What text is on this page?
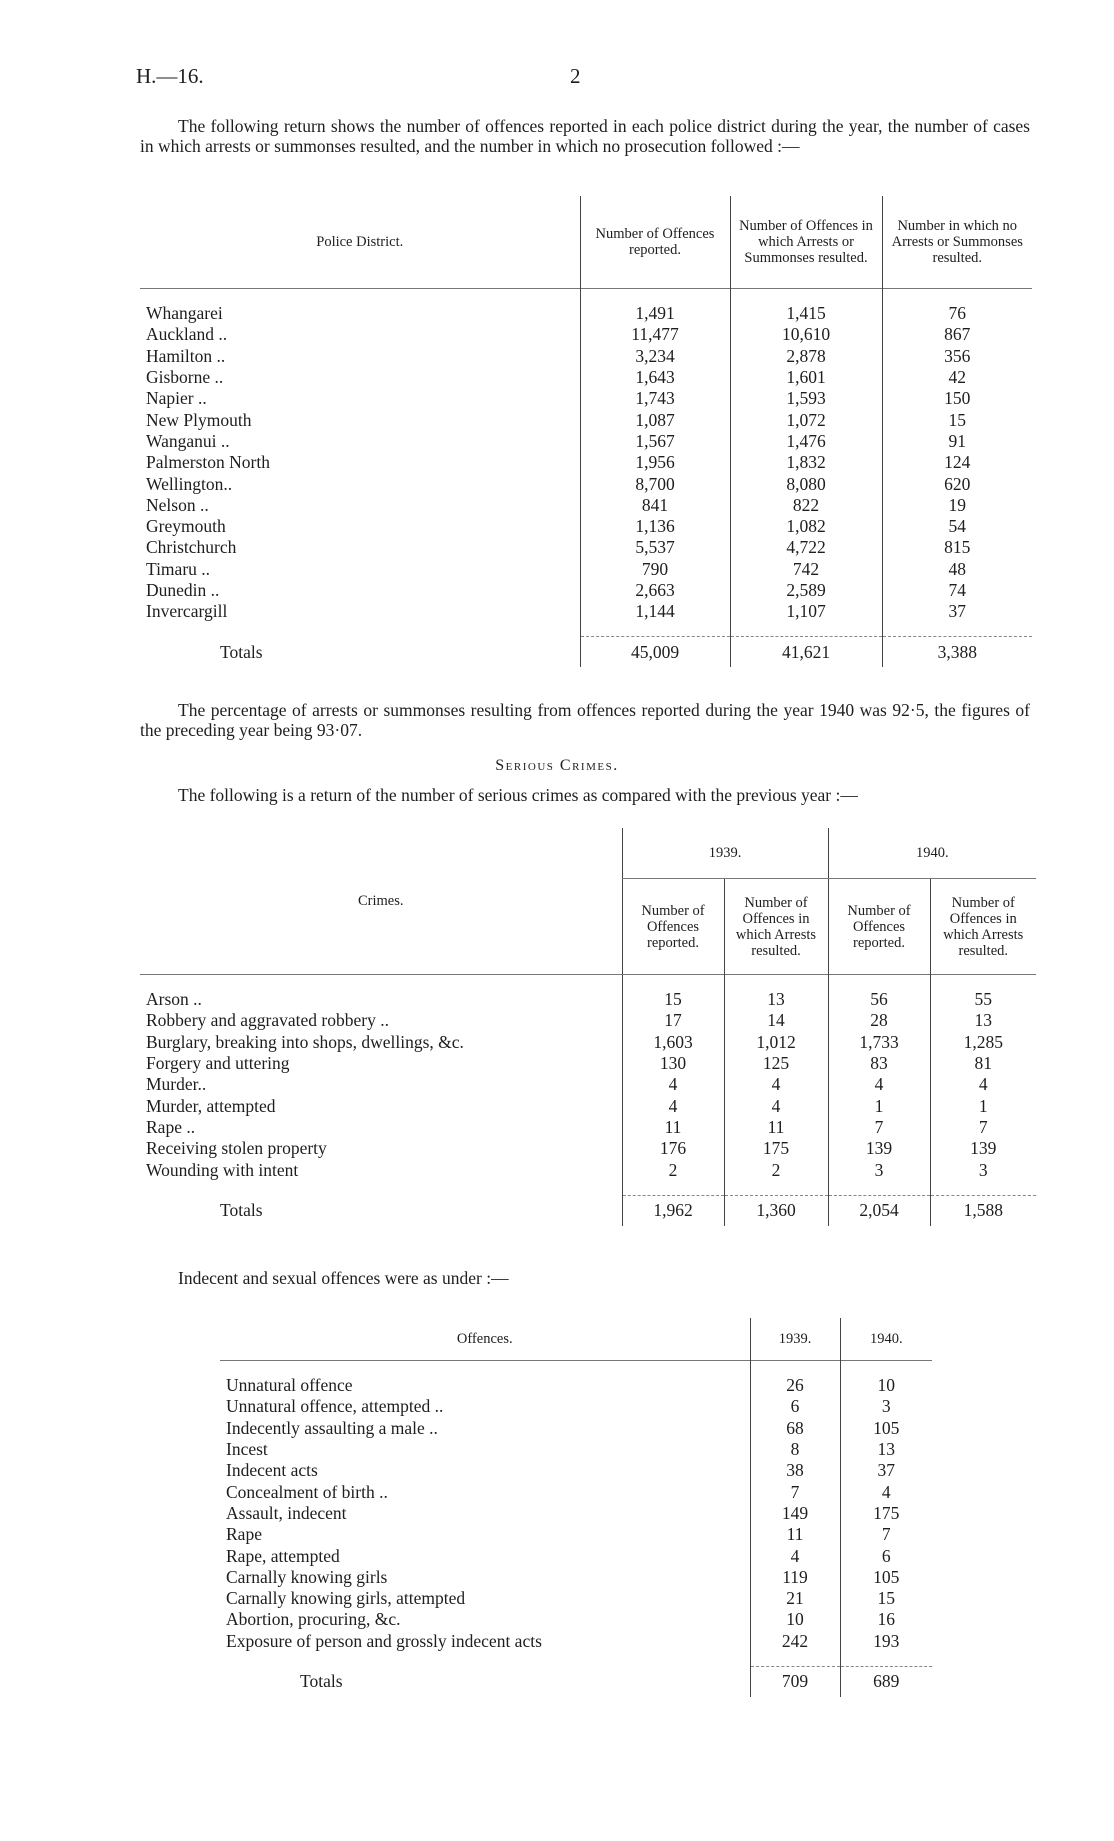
H.—16.	2
The following return shows the number of offences reported in each police district during the year, the number of cases in which arrests or summonses resulted, and the number in which no prosecution followed :—
Police District.	Number of Offences reported.	Number of Offences in which Arrests or Summonses resulted.	Number in which no Arrests or Summonses resulted.

Whangarei	1,491	1,415	76
Auckland ..	11,477	10,610	867
Hamilton ..	3,234	2,878	356
Gisborne ..	1,643	1,601	42
Napier ..	1,743	1,593	150
New Plymouth	1,087	1,072	15
Wanganui ..	1,567	1,476	91
Palmerston North	1,956	1,832	124
Wellington..	8,700	8,080	620
Nelson ..	841	822	19
Greymouth	1,136	1,082	54
Christchurch	5,537	4,722	815
Timaru ..	790	742	48
Dunedin ..	2,663	2,589	74
Invercargill	1,144	1,107	37

Totals	45,009	41,621	3,388
The percentage of arrests or summonses resulting from offences reported during the year 1940 was 92·5, the figures of the preceding year being 93·07.
Serious Crimes.
The following is a return of the number of serious crimes as compared with the previous year :—
Crimes.	1939.		1940.	
	Number of Offences reported.	Number of Offences in which Arrests resulted.	Number of Offences reported.	Number of Offences in which Arrests resulted.

Arson ..	15	13	56	55
Robbery and aggravated robbery ..	17	14	28	13
Burglary, breaking into shops, dwellings, &c.	1,603	1,012	1,733	1,285
Forgery and uttering	130	125	83	81
Murder..	4	4	4	4
Murder, attempted	4	4	1	1
Rape ..	11	11	7	7
Receiving stolen property	176	175	139	139
Wounding with intent	2	2	3	3

Totals	1,962	1,360	2,054	1,588
Indecent and sexual offences were as under :—
Offences.	1939.	1940.

Unnatural offence	26	10
Unnatural offence, attempted ..	6	3
Indecently assaulting a male ..	68	105
Incest	8	13
Indecent acts	38	37
Concealment of birth ..	7	4
Assault, indecent	149	175
Rape	11	7
Rape, attempted	4	6
Carnally knowing girls	119	105
Carnally knowing girls, attempted	21	15
Abortion, procuring, &c.	10	16
Exposure of person and grossly indecent acts	242	193

Totals	709	689
